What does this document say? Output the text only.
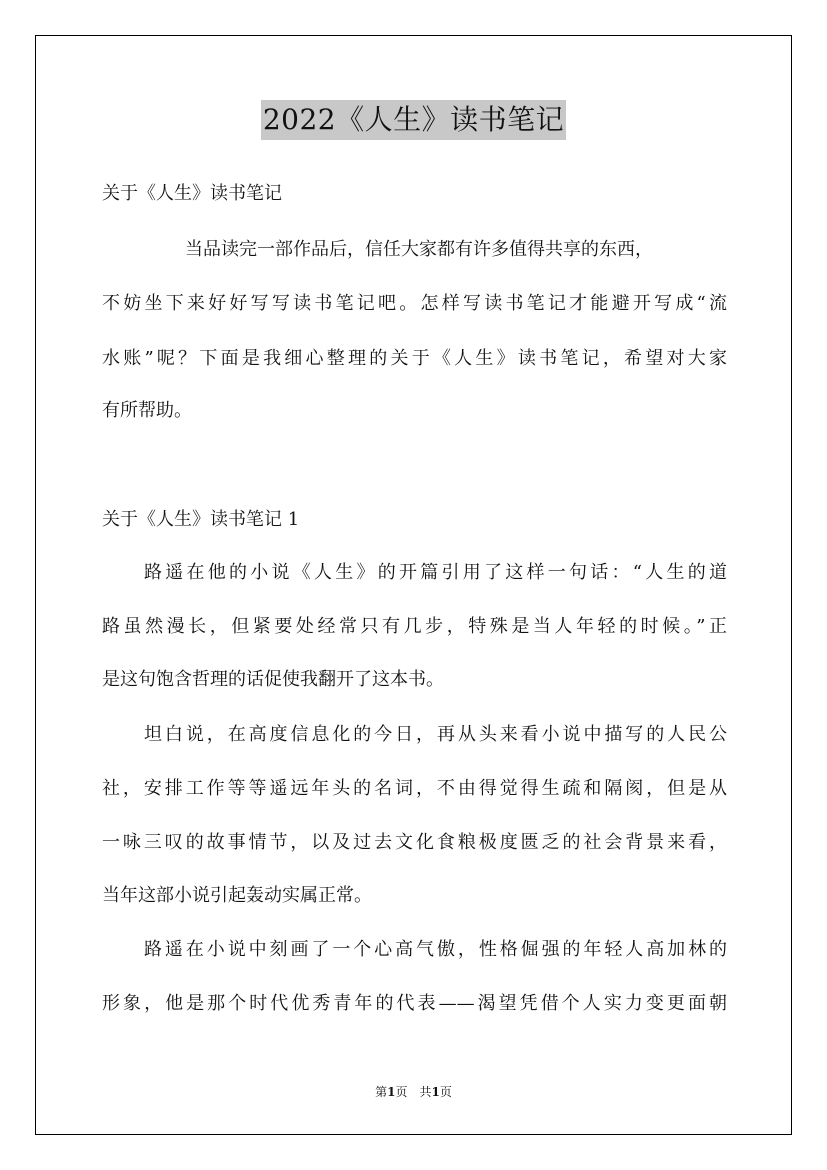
2022《人生》读书笔记
关于《人生》读书笔记
当品读完一部作品后，信任大家都有许多值得共享的东西，
不妨坐下来好好写写读书笔记吧。怎样写读书笔记才能避开写成“流
水账”呢？下面是我细心整理的关于《人生》读书笔记，希望对大家
有所帮助。
关于《人生》读书笔记 1
路遥在他的小说《人生》的开篇引用了这样一句话：“人生的道
路虽然漫长，但紧要处经常只有几步，特殊是当人年轻的时候。”正
是这句饱含哲理的话促使我翻开了这本书。
坦白说，在高度信息化的今日，再从头来看小说中描写的人民公
社，安排工作等等遥远年头的名词，不由得觉得生疏和隔阂，但是从
一咏三叹的故事情节，以及过去文化食粮极度匮乏的社会背景来看，
当年这部小说引起轰动实属正常。
路遥在小说中刻画了一个心高气傲，性格倔强的年轻人高加林的
形象，他是那个时代优秀青年的代表——渴望凭借个人实力变更面朝
第1页　共1页
